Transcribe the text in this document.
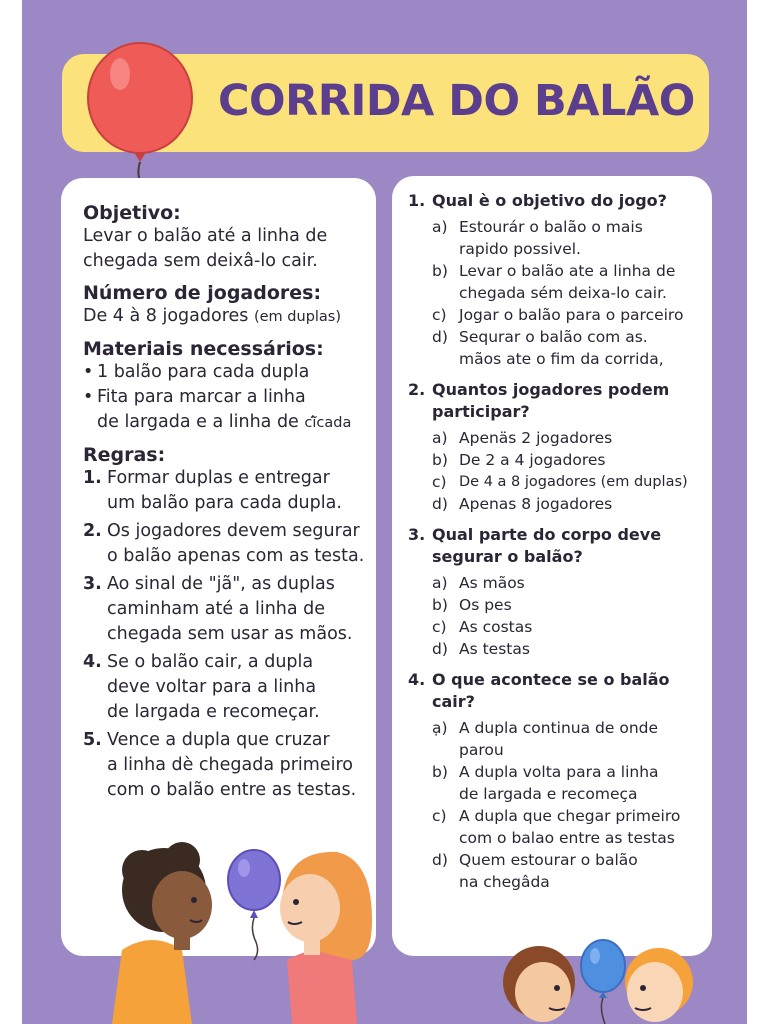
CORRIDA DO BALÃO

Objetivo:

Levar o balão até a linha de
chegada sem deixâ-lo cair.

Número de jogadores:

De 4 à 8 jogadores (em duplas)

Materiais necessários:

• 1 balão para cada dupla
• Fita para marcar a linha
de largada e a linha de cĩ̂cada

Regras:

1. Formar duplas e entregar
um balão para cada dupla.
2. Os jogadores devem segurar
o balão apenas com as testa.
3. Ao sinal de "jã", as duplas
caminham até a linha de
chegada sem usar as mãos.
4. Se o balão cair, a dupla
deve voltar para a linha
de largada e recomeçar.
5. Vence a dupla que cruzar
a linha dè chegada primeiro
com o balão entre as testas.
1. Qual è o objetivo do jogo?
a) Estourár o balão o mais
rapido possivel.
b) Levar o balão ate a linha de
chegada sém deixa-lo cair.
c) Jogar o balão para o parceiro
d) Sequrar o balão com as.
mãos ate o fim da corrida,
2. Quantos jogadores podem
participar?
a) Apenäs 2 jogadores
b) De 2 a 4 jogadores
c) De 4 a 8 jogadores (em duplas)
d) Apenas 8 jogadores
3. Qual parte do corpo deve
segurar o balão?
a) As mãos
b) Os pes
c) As costas
d) As testas
4. O que acontece se o balão
cair?
ạ) A dupla continua de onde
parou
b) A dupla volta para a linha
de largada e recomeça
c) A dupla que chegar primeiro
com o balao entre as testas
d) Quem estourar o balão
na chegâda
